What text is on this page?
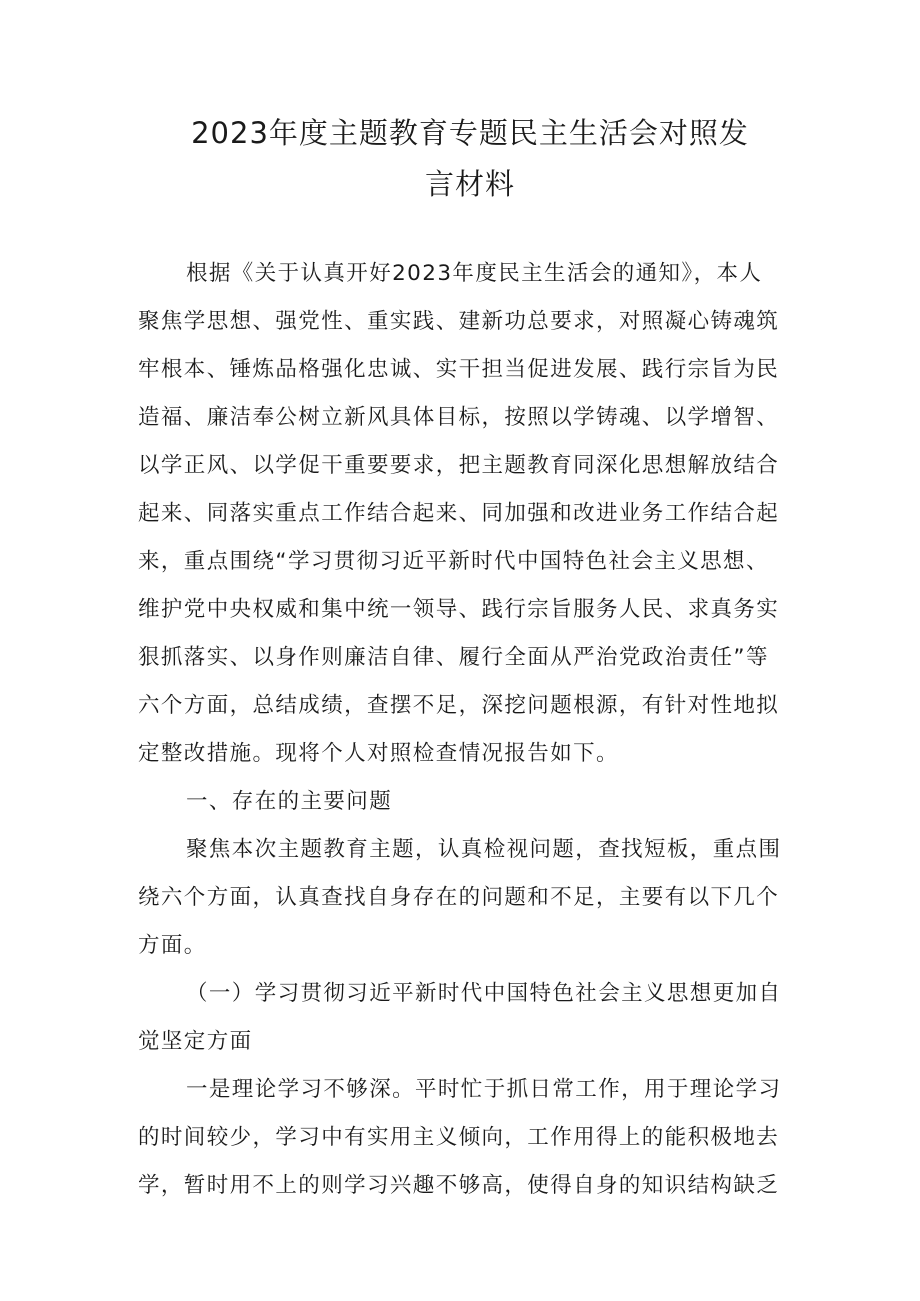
2023年度主题教育专题民主生活会对照发
言材料
根据《关于认真开好2023年度民主生活会的通知》，本人
聚焦学思想、强党性、重实践、建新功总要求，对照凝心铸魂筑
牢根本、锤炼品格强化忠诚、实干担当促进发展、践行宗旨为民
造福、廉洁奉公树立新风具体目标，按照以学铸魂、以学增智、
以学正风、以学促干重要要求，把主题教育同深化思想解放结合
起来、同落实重点工作结合起来、同加强和改进业务工作结合起
来，重点围绕“学习贯彻习近平新时代中国特色社会主义思想、
维护党中央权威和集中统一领导、践行宗旨服务人民、求真务实
狠抓落实、以身作则廉洁自律、履行全面从严治党政治责任”等
六个方面，总结成绩，查摆不足，深挖问题根源，有针对性地拟
定整改措施。现将个人对照检查情况报告如下。
一、存在的主要问题
聚焦本次主题教育主题，认真检视问题，查找短板，重点围
绕六个方面，认真查找自身存在的问题和不足，主要有以下几个
方面。
（一）学习贯彻习近平新时代中国特色社会主义思想更加自
觉坚定方面
一是理论学习不够深。平时忙于抓日常工作，用于理论学习
的时间较少，学习中有实用主义倾向，工作用得上的能积极地去
学，暂时用不上的则学习兴趣不够高，使得自身的知识结构缺乏
